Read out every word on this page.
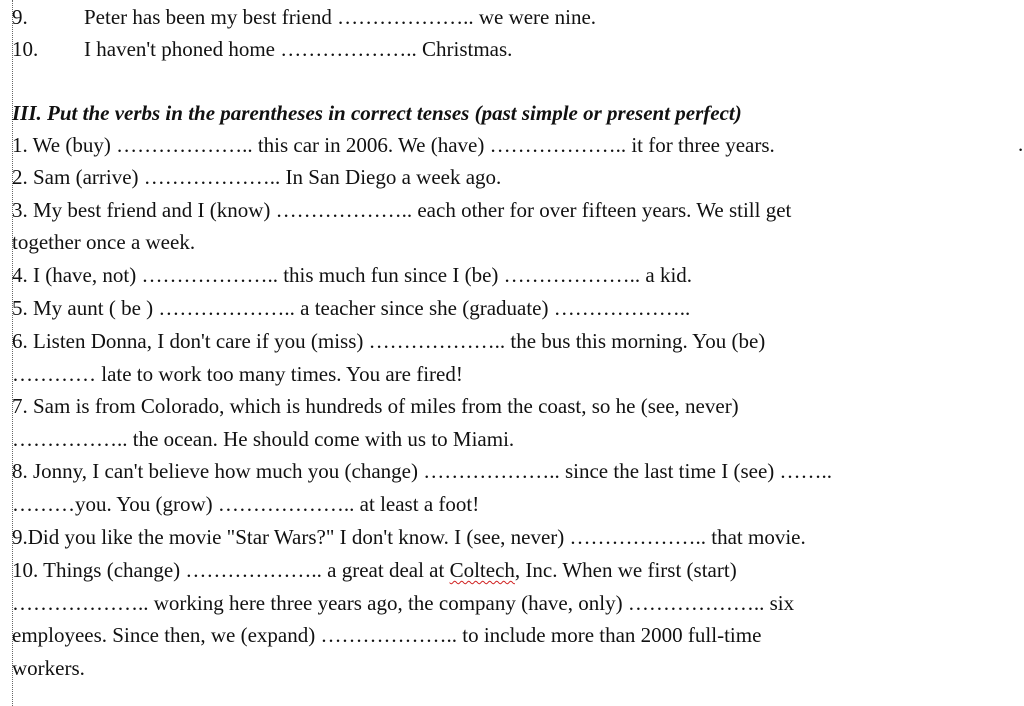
9.	Peter has been my best friend ……………….. we were nine.
10. I haven't phoned home ……………….. Christmas.
III. Put the verbs in the parentheses in correct tenses (past simple or present perfect)
.
1. We (buy) ……………….. this car in 2006. We (have) ……………….. it for three years.
2. Sam (arrive) ……………….. In San Diego a week ago.
3. My best friend and I (know) ……………….. each other for over fifteen years. We still get
together once a week.
4. I (have, not) ……………….. this much fun since I (be) ……………….. a kid.
5. My aunt ( be ) ……………….. a teacher since she (graduate) ………………..
6. Listen Donna, I don't care if you (miss) ……………….. the bus this morning. You (be)
………… late to work too many times. You are fired!
7. Sam is from Colorado, which is hundreds of miles from the coast, so he (see, never)
…………….. the ocean. He should come with us to Miami.
8. Jonny, I can't believe how much you (change) ……………….. since the last time I (see) ……..
………you. You (grow) ……………….. at least a foot!
9.Did you like the movie "Star Wars?" I don't know. I (see, never) ……………….. that movie.
10. Things (change) ……………….. a great deal at Coltech, Inc. When we first (start)
……………….. working here three years ago, the company (have, only) ……………….. six
employees. Since then, we (expand) ……………….. to include more than 2000 full-time
workers.
